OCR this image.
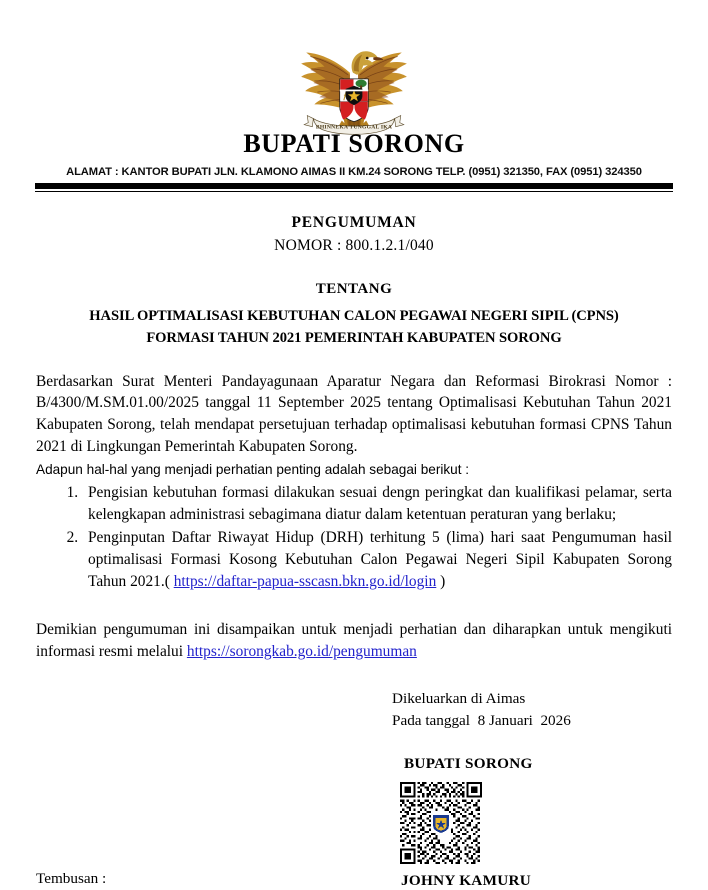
BHINNEKA TUNGGAL IKA
BUPATI SORONG
ALAMAT : KANTOR BUPATI JLN. KLAMONO AIMAS II KM.24 SORONG TELP. (0951) 321350, FAX (0951) 324350
PENGUMUMAN
NOMOR : 800.1.2.1/040
TENTANG
HASIL OPTIMALISASI KEBUTUHAN CALON PEGAWAI NEGERI SIPIL (CPNS)
FORMASI TAHUN 2021 PEMERINTAH KABUPATEN SORONG
Berdasarkan Surat Menteri Pandayagunaan Aparatur Negara dan Reformasi Birokrasi Nomor : B/4300/M.SM.01.00/2025 tanggal 11 September 2025 tentang Optimalisasi Kebutuhan Tahun 2021 Kabupaten Sorong, telah mendapat persetujuan terhadap optimalisasi kebutuhan formasi CPNS Tahun 2021 di Lingkungan Pemerintah Kabupaten Sorong.
Adapun hal-hal yang menjadi perhatian penting adalah sebagai berikut :
1. Pengisian kebutuhan formasi dilakukan sesuai dengn peringkat dan kualifikasi pelamar, serta kelengkapan administrasi sebagimana diatur dalam ketentuan peraturan yang berlaku;
2. Penginputan Daftar Riwayat Hidup (DRH) terhitung 5 (lima) hari saat Pengumuman hasil optimalisasi Formasi Kosong Kebutuhan Calon Pegawai Negeri Sipil Kabupaten Sorong Tahun 2021.( https://daftar-papua-sscasn.bkn.go.id/login )
Demikian pengumuman ini disampaikan untuk menjadi perhatian dan diharapkan untuk mengikuti informasi resmi melalui https://sorongkab.go.id/pengumuman
Dikeluarkan di Aimas
Pada tanggal  8 Januari  2026
BUPATI SORONG
JOHNY KAMURU
Tembusan :
